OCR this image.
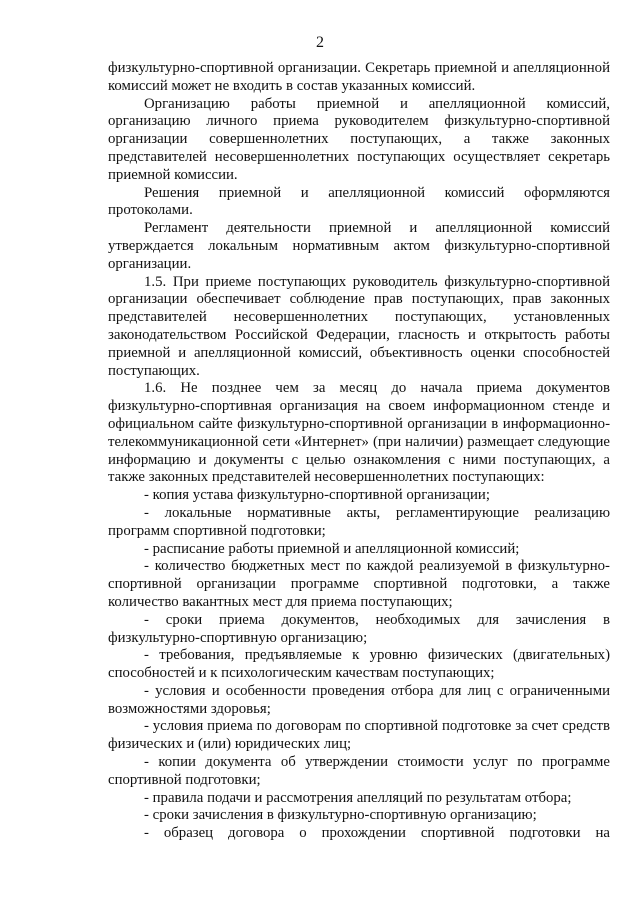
2

физкультурно-спортивной организации. Секретарь приемной и апелляционной комиссий может не входить в состав указанных комиссий.

Организацию работы приемной и апелляционной комиссий, организацию личного приема руководителем физкультурно-спортивной организации совершеннолетних поступающих, а также законных представителей несовершеннолетних поступающих осуществляет секретарь приемной комиссии.

Решения приемной и апелляционной комиссий оформляются протоколами.

Регламент деятельности приемной и апелляционной комиссий утверждается локальным нормативным актом физкультурно-спортивной организации.

1.5. При приеме поступающих руководитель физкультурно-спортивной организации обеспечивает соблюдение прав поступающих, прав законных представителей несовершеннолетних поступающих, установленных законодательством Российской Федерации, гласность и открытость работы приемной и апелляционной комиссий, объективность оценки способностей поступающих.

1.6. Не позднее чем за месяц до начала приема документов физкультурно-спортивная организация на своем информационном стенде и официальном сайте физкультурно-спортивной организации в информационно-телекоммуникационной сети «Интернет» (при наличии) размещает следующие информацию и документы с целью ознакомления с ними поступающих, а также законных представителей несовершеннолетних поступающих:

- копия устава физкультурно-спортивной организации;

- локальные нормативные акты, регламентирующие реализацию программ спортивной подготовки;

- расписание работы приемной и апелляционной комиссий;

- количество бюджетных мест по каждой реализуемой в физкультурно-спортивной организации программе спортивной подготовки, а также количество вакантных мест для приема поступающих;

- сроки приема документов, необходимых для зачисления в физкультурно-спортивную организацию;

- требования, предъявляемые к уровню физических (двигательных) способностей и к психологическим качествам поступающих;

- условия и особенности проведения отбора для лиц с ограниченными возможностями здоровья;

- условия приема по договорам по спортивной подготовке за счет средств физических и (или) юридических лиц;

- копии документа об утверждении стоимости услуг по программе спортивной подготовки;

- правила подачи и рассмотрения апелляций по результатам отбора;

- сроки зачисления в физкультурно-спортивную организацию;

- образец договора о прохождении спортивной подготовки на
